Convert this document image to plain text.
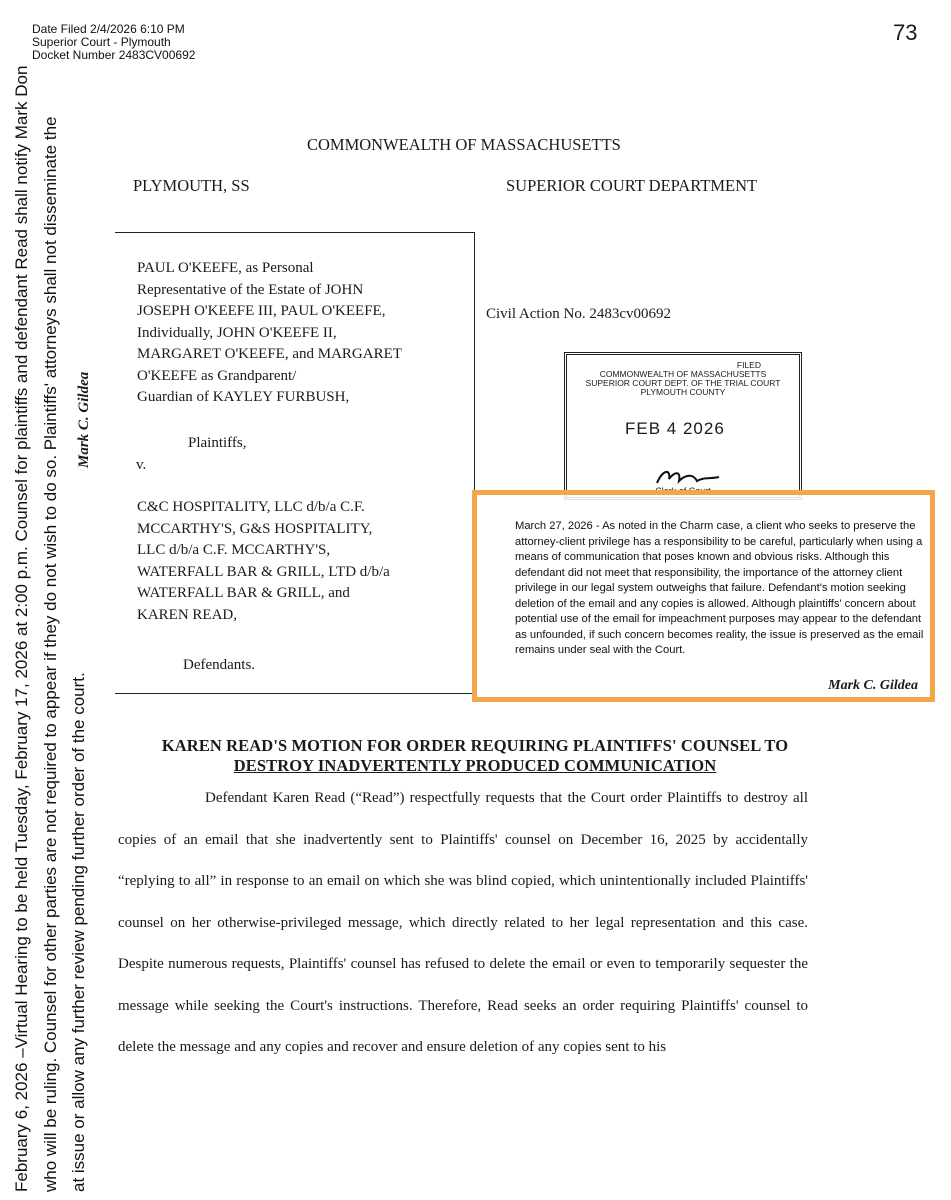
Date Filed 2/4/2026 6:10 PM
Superior Court - Plymouth
Docket Number 2483CV00692
73
February 6, 2026 –Virtual Hearing to be held Tuesday, February 17, 2026 at 2:00 p.m. Counsel for plaintiffs and defendant Read shall notify Mark Don who will be ruling. Counsel for other parties are not required to appear if they do not wish to do so. Plaintiffs' attorneys shall not disseminate the at issue or allow any further review pending further order of the court.
Mark C. Gildea
COMMONWEALTH OF MASSACHUSETTS
PLYMOUTH, SS	SUPERIOR COURT DEPARTMENT
PAUL O'KEEFE, as Personal
Representative of the Estate of JOHN
JOSEPH O'KEEFE III, PAUL O'KEEFE,
Individually, JOHN O'KEEFE II,
MARGARET O'KEEFE, and MARGARET
O'KEEFE as Grandparent/
Guardian of KAYLEY FURBUSH,
Plaintiffs,
v.
C&C HOSPITALITY, LLC d/b/a C.F.
MCCARTHY'S, G&S HOSPITALITY,
LLC d/b/a C.F. MCCARTHY'S,
WATERFALL BAR & GRILL, LTD d/b/a
WATERFALL BAR & GRILL, and
KAREN READ,
Defendants.
Civil Action No. 2483cv00692
FILED
COMMONWEALTH OF MASSACHUSETTS
SUPERIOR COURT DEPT. OF THE TRIAL COURT
PLYMOUTH COUNTY
FEB 4 2026
March 27, 2026 - As noted in the Charm case, a client who seeks to preserve the attorney-client privilege has a responsibility to be careful, particularly when using a means of communication that poses known and obvious risks. Although this defendant did not meet that responsibility, the importance of the attorney client privilege in our legal system outweighs that failure. Defendant's motion seeking deletion of the email and any copies is allowed. Although plaintiffs' concern about potential use of the email for impeachment purposes may appear to the defendant as unfounded, if such concern becomes reality, the issue is preserved as the email remains under seal with the Court.
Mark C. Gildea
KAREN READ'S MOTION FOR ORDER REQUIRING PLAINTIFFS' COUNSEL TO
DESTROY INADVERTENTLY PRODUCED COMMUNICATION
Defendant Karen Read (“Read”) respectfully requests that the Court order Plaintiffs to destroy all copies of an email that she inadvertently sent to Plaintiffs' counsel on December 16, 2025 by accidentally “replying to all” in response to an email on which she was blind copied, which unintentionally included Plaintiffs' counsel on her otherwise-privileged message, which directly related to her legal representation and this case. Despite numerous requests, Plaintiffs' counsel has refused to delete the email or even to temporarily sequester the message while seeking the Court's instructions. Therefore, Read seeks an order requiring Plaintiffs' counsel to delete the message and any copies and recover and ensure deletion of any copies sent to his
